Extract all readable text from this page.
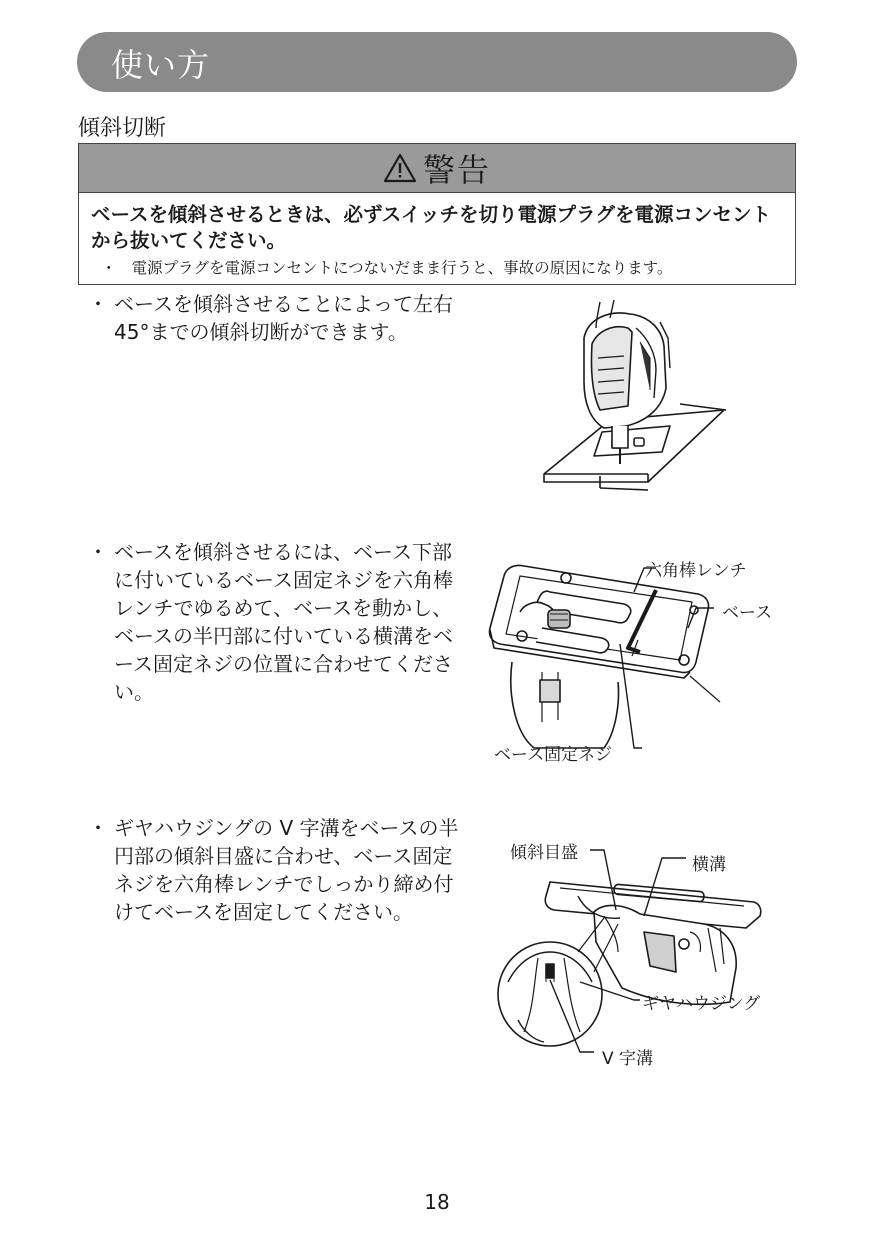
使い方
傾斜切断
警告
ベースを傾斜させるときは、必ずスイッチを切り電源プラグを電源コンセントから抜いてください。
・ 電源プラグを電源コンセントにつないだまま行うと、事故の原因になります。
・ ベースを傾斜させることによって左右 45°までの傾斜切断ができます。
・ ベースを傾斜させるには、ベース下部に付いているベース固定ネジを六角棒レンチでゆるめて、ベースを動かし、ベースの半円部に付いている横溝をベース固定ネジの位置に合わせてください。
六角棒レンチ
ベース
ベース固定ネジ
・ ギヤハウジングの V 字溝をベースの半円部の傾斜目盛に合わせ、ベース固定ネジを六角棒レンチでしっかり締め付けてベースを固定してください。
傾斜目盛
横溝
ギヤハウジング
V 字溝
18
